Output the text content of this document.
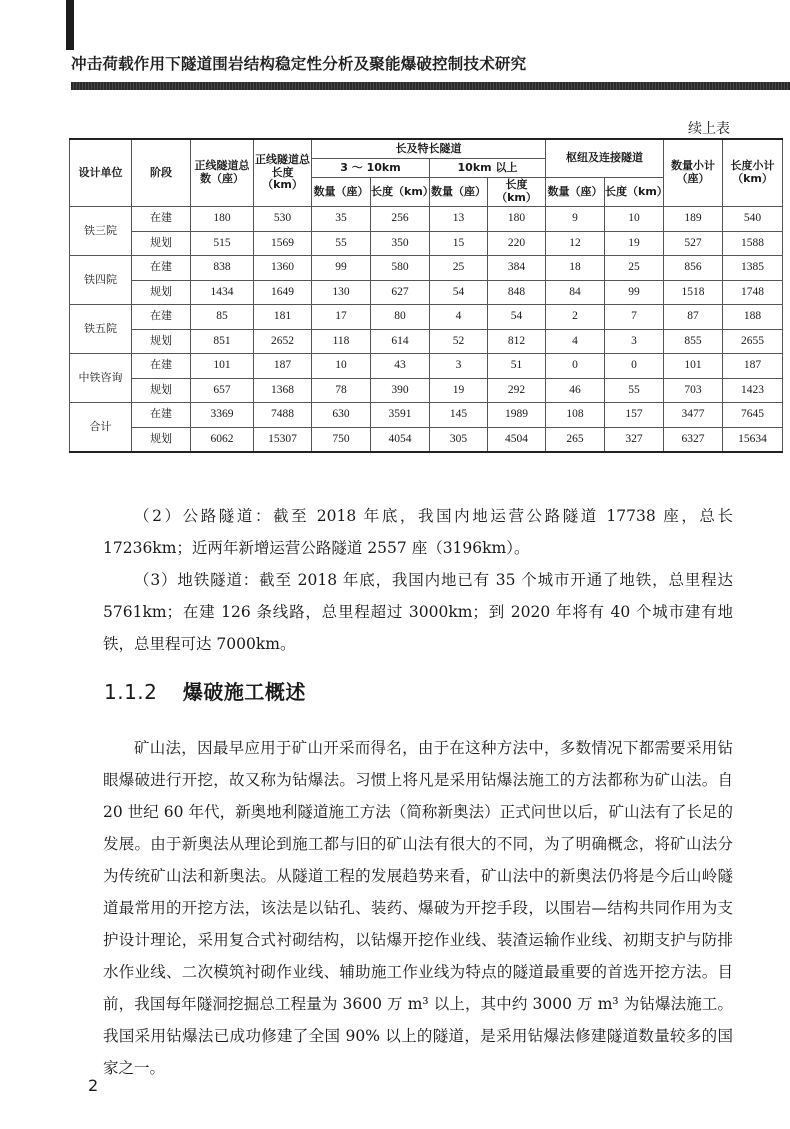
冲击荷载作用下隧道围岩结构稳定性分析及聚能爆破控制技术研究
续上表
设计单位	阶段	正线隧道总数（座）	正线隧道总长度（km）	长及特长隧道				枢纽及连接隧道		数量小计（座）	长度小计（km）
				3 ～ 10km		10km 以上					
				数量（座）	长度（km）	数量（座）	长度（km）	数量（座）	长度（km）		
铁三院	在建	180	530	35	256	13	180	9	10	189	540
	规划	515	1569	55	350	15	220	12	19	527	1588
铁四院	在建	838	1360	99	580	25	384	18	25	856	1385
	规划	1434	1649	130	627	54	848	84	99	1518	1748
铁五院	在建	85	181	17	80	4	54	2	7	87	188
	规划	851	2652	118	614	52	812	4	3	855	2655
中铁咨询	在建	101	187	10	43	3	51	0	0	101	187
	规划	657	1368	78	390	19	292	46	55	703	1423
合计	在建	3369	7488	630	3591	145	1989	108	157	3477	7645
	规划	6062	15307	750	4054	305	4504	265	327	6327	15634
（2）公路隧道：截至 2018 年底，我国内地运营公路隧道 17738 座，总长 17236km；近两年新增运营公路隧道 2557 座（3196km）。
（3）地铁隧道：截至 2018 年底，我国内地已有 35 个城市开通了地铁，总里程达 5761km；在建 126 条线路，总里程超过 3000km；到 2020 年将有 40 个城市建有地铁，总里程可达 7000km。
1.1.2 爆破施工概述
矿山法，因最早应用于矿山开采而得名，由于在这种方法中，多数情况下都需要采用钻眼爆破进行开挖，故又称为钻爆法。习惯上将凡是采用钻爆法施工的方法都称为矿山法。自 20 世纪 60 年代，新奥地利隧道施工方法（简称新奥法）正式问世以后，矿山法有了长足的发展。由于新奥法从理论到施工都与旧的矿山法有很大的不同，为了明确概念，将矿山法分为传统矿山法和新奥法。从隧道工程的发展趋势来看，矿山法中的新奥法仍将是今后山岭隧道最常用的开挖方法，该法是以钻孔、装药、爆破为开挖手段，以围岩—结构共同作用为支护设计理论，采用复合式衬砌结构，以钻爆开挖作业线、装渣运输作业线、初期支护与防排水作业线、二次模筑衬砌作业线、辅助施工作业线为特点的隧道最重要的首选开挖方法。目前，我国每年隧洞挖掘总工程量为 3600 万 m³ 以上，其中约 3000 万 m³ 为钻爆法施工。我国采用钻爆法已成功修建了全国 90% 以上的隧道，是采用钻爆法修建隧道数量较多的国家之一。
2
